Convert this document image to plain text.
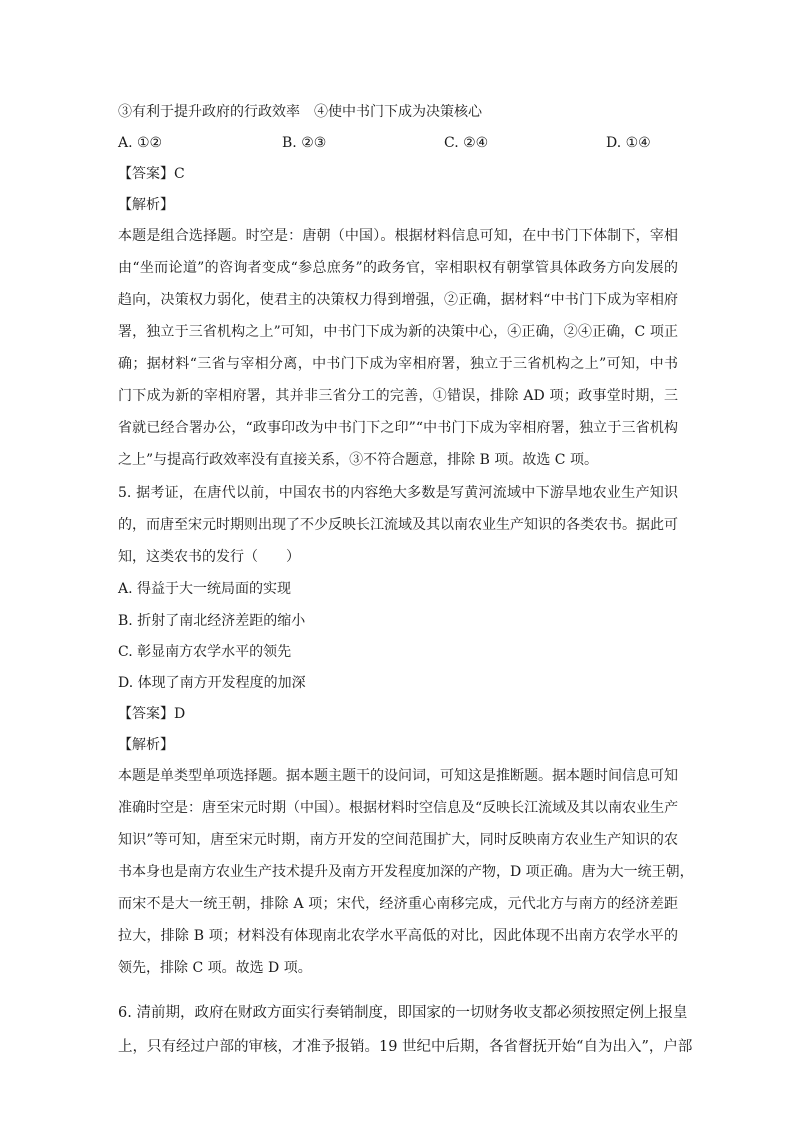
③有利于提升政府的行政效率　④使中书门下成为决策核心
A. ①②	B. ②③	C. ②④	D. ①④
【答案】C
【解析】
本题是组合选择题。时空是：唐朝（中国）。根据材料信息可知，在中书门下体制下，宰相
由“坐而论道”的咨询者变成“参总庶务”的政务官，宰相职权有朝掌管具体政务方向发展的
趋向，决策权力弱化，使君主的决策权力得到增强，②正确，据材料“中书门下成为宰相府
署，独立于三省机构之上”可知，中书门下成为新的决策中心，④正确，②④正确，C 项正
确；据材料“三省与宰相分离，中书门下成为宰相府署，独立于三省机构之上”可知，中书
门下成为新的宰相府署，其并非三省分工的完善，①错误，排除 AD 项；政事堂时期，三
省就已经合署办公，“政事印改为中书门下之印”“中书门下成为宰相府署，独立于三省机构
之上”与提高行政效率没有直接关系，③不符合题意，排除 B 项。故选 C 项。
5. 据考证，在唐代以前，中国农书的内容绝大多数是写黄河流域中下游旱地农业生产知识
的，而唐至宋元时期则出现了不少反映长江流域及其以南农业生产知识的各类农书。据此可
知，这类农书的发行（　　）
A. 得益于大一统局面的实现
B. 折射了南北经济差距的缩小
C. 彰显南方农学水平的领先
D. 体现了南方开发程度的加深
【答案】D
【解析】
本题是单类型单项选择题。据本题主题干的设问词，可知这是推断题。据本题时间信息可知
准确时空是：唐至宋元时期（中国）。根据材料时空信息及“反映长江流域及其以南农业生产
知识”等可知，唐至宋元时期，南方开发的空间范围扩大，同时反映南方农业生产知识的农
书本身也是南方农业生产技术提升及南方开发程度加深的产物，D 项正确。唐为大一统王朝，
而宋不是大一统王朝，排除 A 项；宋代，经济重心南移完成，元代北方与南方的经济差距
拉大，排除 B 项；材料没有体现南北农学水平高低的对比，因此体现不出南方农学水平的
领先，排除 C 项。故选 D 项。
6. 清前期，政府在财政方面实行奏销制度，即国家的一切财务收支都必须按照定例上报皇
上，只有经过户部的审核，才准予报销。19 世纪中后期，各省督抚开始“自为出入”，户部
